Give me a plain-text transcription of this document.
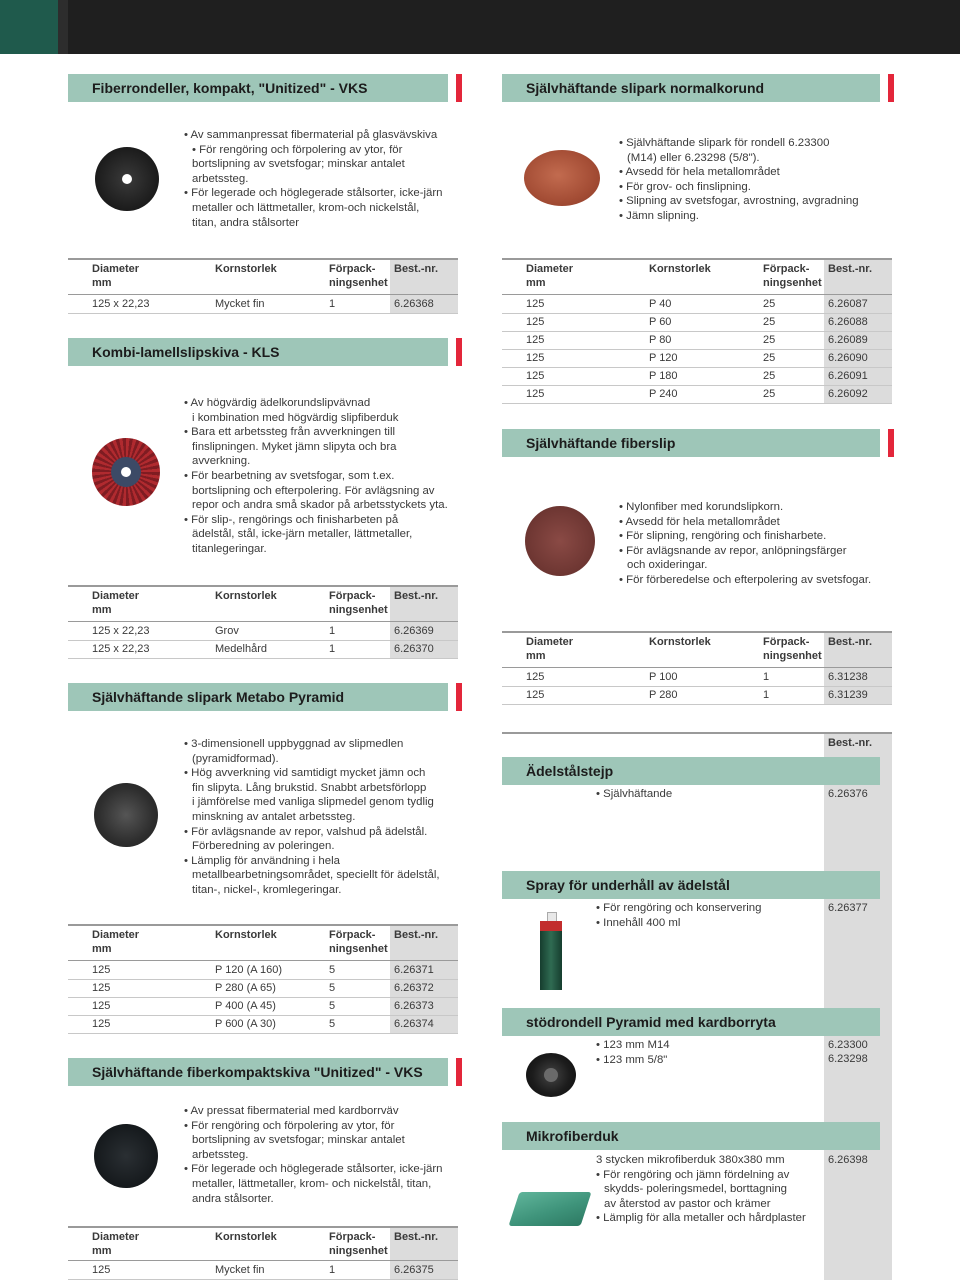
Fiberrondeller, kompakt, "Unitized" - VKS
• Av sammanpressat fibermaterial på glasvävskiva
• För rengöring och förpolering av ytor, för
bortslipning av svetsfogar; minskar antalet
arbetssteg.
• För legerade och höglegerade stålsorter, icke-järn
metaller och lättmetaller, krom-och nickelstål,
titan, andra stålsorter
Diameter
mm
Kornstorlek	Förpack-
ningsenhet
Best.-nr.
125 x 22,23	Mycket fin	1	6.26368
Kombi-lamellslipskiva - KLS
• Av högvärdig ädelkorundslipvävnad
i kombination med högvärdig slipfiberduk
• Bara ett arbetssteg från avverkningen till
finslipningen. Myket jämn slipyta och bra
avverkning.
• För bearbetning av svetsfogar, som t.ex.
bortslipning och efterpolering. För avlägsning av
repor och andra små skador på arbetsstyckets yta.
• För slip-, rengörings och finisharbeten på
ädelstål, stål, icke-järn metaller, lättmetaller,
titanlegeringar.
Diameter
mm
Kornstorlek	Förpack-
ningsenhet
Best.-nr.
125 x 22,23	Grov	1	6.26369
125 x 22,23	Medelhård	1	6.26370
Självhäftande slipark Metabo Pyramid
• 3-dimensionell uppbyggnad av slipmedlen
(pyramidformad).
• Hög avverkning vid samtidigt mycket jämn och
fin slipyta. Lång brukstid. Snabbt arbetsförlopp
i jämförelse med vanliga slipmedel genom tydlig
minskning av antalet arbetssteg.
• För avlägsnande av repor, valshud på ädelstål.
Förberedning av poleringen.
• Lämplig för användning i hela
metallbearbetningsområdet, speciellt för ädelstål,
titan-, nickel-, kromlegeringar.
Diameter
mm
Kornstorlek	Förpack-
ningsenhet
Best.-nr.
125	P 120 (A 160)	5	6.26371
125	P 280 (A 65)	5	6.26372
125	P 400 (A 45)	5	6.26373
125	P 600 (A 30)	5	6.26374
Självhäftande fiberkompaktskiva "Unitized" - VKS
• Av pressat fibermaterial med kardborrväv
• För rengöring och förpolering av ytor, för
bortslipning av svetsfogar; minskar antalet
arbetssteg.
• För legerade och höglegerade stålsorter, icke-järn
metaller, lättmetaller, krom- och nickelstål, titan,
andra stålsorter.
Diameter
mm
Kornstorlek	Förpack-
ningsenhet
Best.-nr.
125	Mycket fin	1	6.26375
Självhäftande slipark normalkorund
• Självhäftande slipark för rondell 6.23300
(M14) eller 6.23298 (5/8").
• Avsedd för hela metallområdet
• För grov- och finslipning.
• Slipning av svetsfogar, avrostning, avgradning
• Jämn slipning.
Diameter
mm
Kornstorlek	Förpack-
ningsenhet
Best.-nr.
125	P 40	25	6.26087
125	P 60	25	6.26088
125	P 80	25	6.26089
125	P 120	25	6.26090
125	P 180	25	6.26091
125	P 240	25	6.26092
Självhäftande fiberslip
• Nylonfiber med korundslipkorn.
• Avsedd för hela metallområdet
• För slipning, rengöring och finisharbete.
• För avlägsnande av repor, anlöpningsfärger
och oxideringar.
• För förberedelse och efterpolering av svetsfogar.
Diameter
mm
Kornstorlek	Förpack-
ningsenhet
Best.-nr.
125	P 100	1	6.31238
125	P 280	1	6.31239
Best.-nr.
Ädelstålstejp
• Självhäftande	6.26376
Spray för underhåll av ädelstål
• För rengöring och konservering
• Innehåll 400 ml
6.26377
stödrondell Pyramid med kardborryta
• 123 mm M14
• 123 mm 5/8"
6.23300
6.23298
Mikrofiberduk
3 stycken mikrofiberduk 380x380 mm
• För rengöring och jämn fördelning av
skydds- poleringsmedel, borttagning
av återstod av pastor och krämer
• Lämplig för alla metaller och hårdplaster
6.26398
